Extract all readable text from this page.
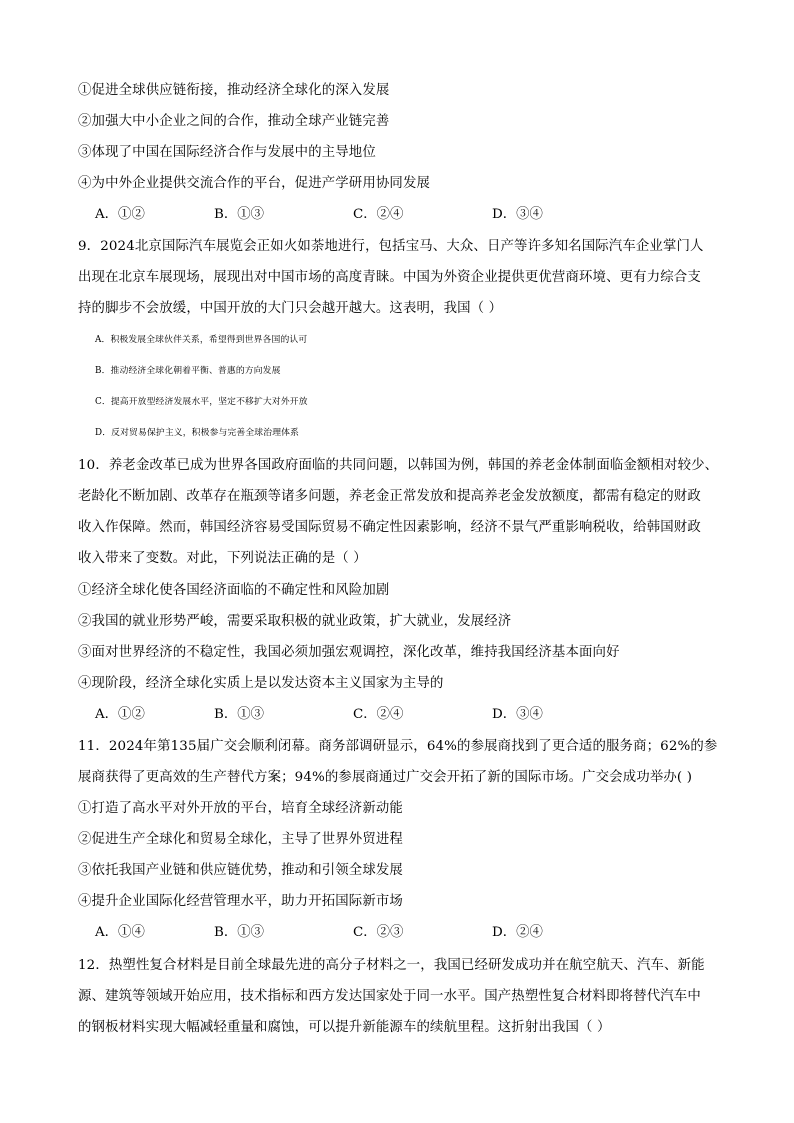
①促进全球供应链衔接，推动经济全球化的深入发展
②加强大中小企业之间的合作，推动全球产业链完善
③体现了中国在国际经济合作与发展中的主导地位
④为中外企业提供交流合作的平台，促进产学研用协同发展
A．①②	B．①③	C．②④	D．③④
9．2024北京国际汽车展览会正如火如荼地进行，包括宝马、大众、日产等许多知名国际汽车企业掌门人
出现在北京车展现场，展现出对中国市场的高度青睐。中国为外资企业提供更优营商环境、更有力综合支
持的脚步不会放缓，中国开放的大门只会越开越大。这表明，我国（ ）
A．积极发展全球伙伴关系，希望得到世界各国的认可
B．推动经济全球化朝着平衡、普惠的方向发展
C．提高开放型经济发展水平，坚定不移扩大对外开放
D．反对贸易保护主义，积极参与完善全球治理体系
10．养老金改革已成为世界各国政府面临的共同问题，以韩国为例，韩国的养老金体制面临金额相对较少、
老龄化不断加剧、改革存在瓶颈等诸多问题，养老金正常发放和提高养老金发放额度，都需有稳定的财政
收入作保障。然而，韩国经济容易受国际贸易不确定性因素影响，经济不景气严重影响税收，给韩国财政
收入带来了变数。对此，下列说法正确的是（ ）
①经济全球化使各国经济面临的不确定性和风险加剧
②我国的就业形势严峻，需要采取积极的就业政策，扩大就业，发展经济
③面对世界经济的不稳定性，我国必须加强宏观调控，深化改革，维持我国经济基本面向好
④现阶段，经济全球化实质上是以发达资本主义国家为主导的
A．①②	B．①③	C．②④	D．③④
11．2024年第135届广交会顺利闭幕。商务部调研显示，64%的参展商找到了更合适的服务商；62%的参
展商获得了更高效的生产替代方案；94%的参展商通过广交会开拓了新的国际市场。广交会成功举办( )
①打造了高水平对外开放的平台，培育全球经济新动能
②促进生产全球化和贸易全球化，主导了世界外贸进程
③依托我国产业链和供应链优势，推动和引领全球发展
④提升企业国际化经营管理水平，助力开拓国际新市场
A．①④	B．①③	C．②③	D．②④
12．热塑性复合材料是目前全球最先进的高分子材料之一，我国已经研发成功并在航空航天、汽车、新能
源、建筑等领域开始应用，技术指标和西方发达国家处于同一水平。国产热塑性复合材料即将替代汽车中
的钢板材料实现大幅减轻重量和腐蚀，可以提升新能源车的续航里程。这折射出我国（ ）
